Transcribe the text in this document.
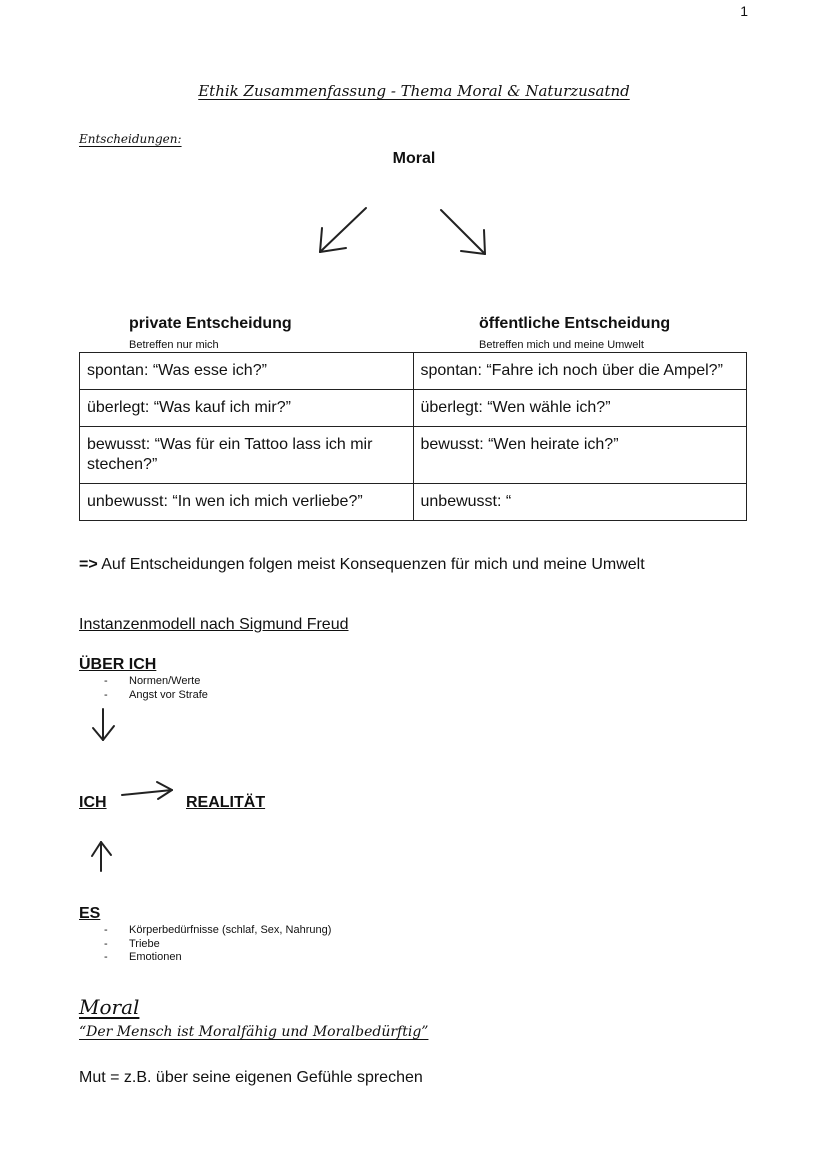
1
Ethik Zusammenfassung - Thema Moral & Naturzusatnd
Entscheidungen:
Moral
private Entscheidung
Betreffen nur mich
öffentliche Entscheidung
Betreffen mich und meine Umwelt
spontan: “Was esse ich?”	spontan: “Fahre ich noch über die Ampel?”
überlegt: “Was kauf ich mir?”	überlegt: “Wen wähle ich?”
bewusst: “Was für ein Tattoo lass ich mir stechen?”	bewusst: “Wen heirate ich?”
unbewusst: “In wen ich mich verliebe?”	unbewusst: “
=> Auf Entscheidungen folgen meist Konsequenzen für mich und meine Umwelt
Instanzenmodell nach Sigmund Freud
ÜBER ICH
- Normen/Werte
- Angst vor Strafe
ICH	REALITÄT
ES
- Körperbedürfnisse (schlaf, Sex, Nahrung)
- Triebe
- Emotionen
Moral
“Der Mensch ist Moralfähig und Moralbedürftig”
Mut = z.B. über seine eigenen Gefühle sprechen
